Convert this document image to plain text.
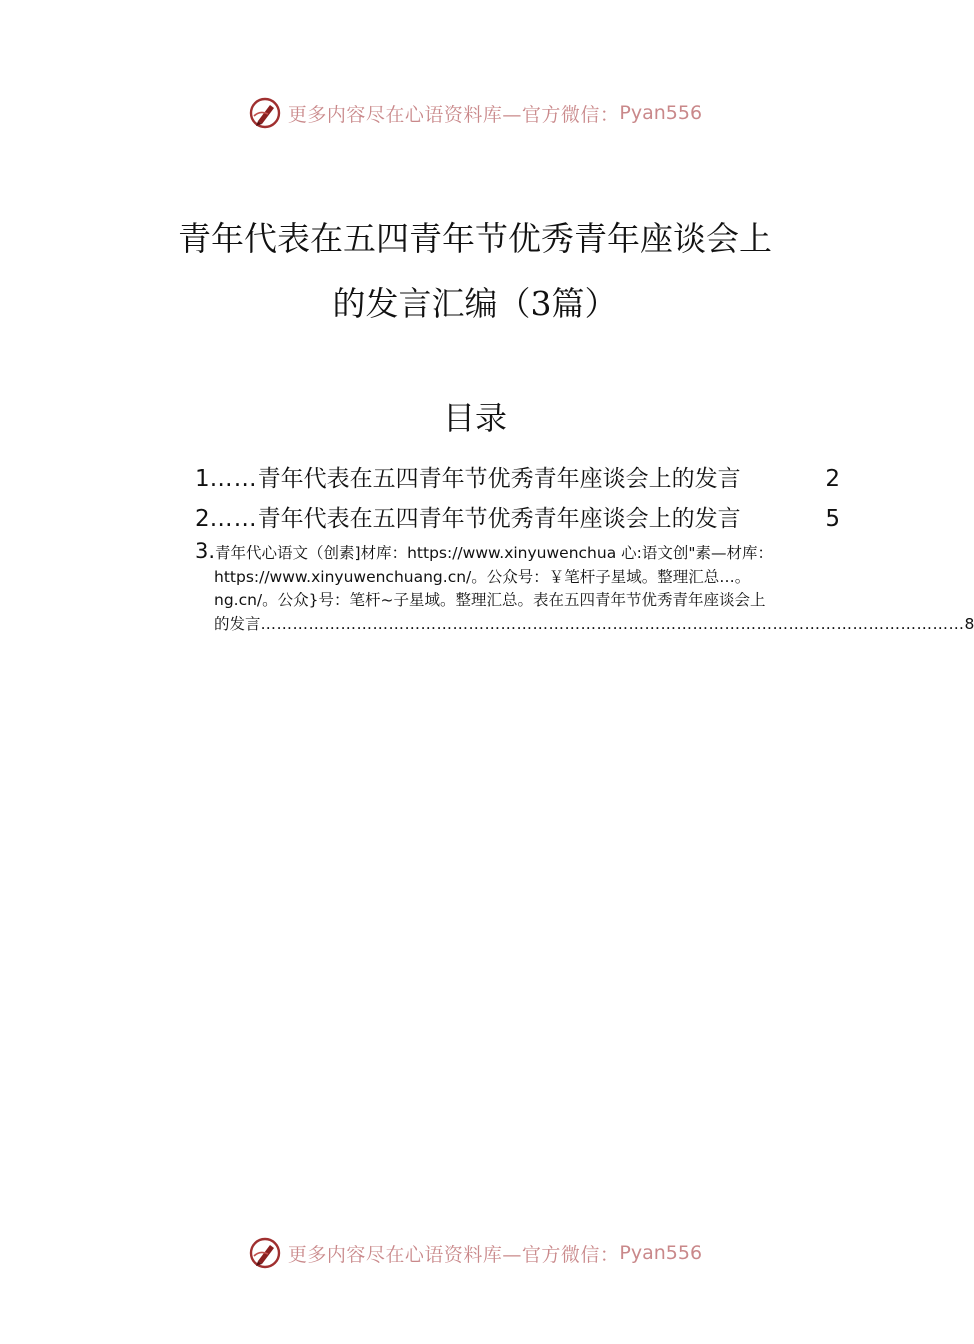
更多内容尽在心语资料库—官方微信： Pyan556
青年代表在五四青年节优秀青年座谈会上
的发言汇编（3篇）
目录
1 …… 青年代表在五四青年节优秀青年座谈会上的发言	2
2 …… 青年代表在五四青年节优秀青年座谈会上的发言	5
3. 青年代心语文（创素]材库：https://www.xinyuwenchua 心:语文创"素—材库：
https://www.xinyuwenchuang.cn/。公众号：￥笔杆子星域。整理汇总…。
ng.cn/。公众}号：笔杆~子星域。整理汇总。表在五四青年节优秀青年座谈会上
的发言 …………………………………………………………………………………………………………………… 8
更多内容尽在心语资料库—官方微信： Pyan556
